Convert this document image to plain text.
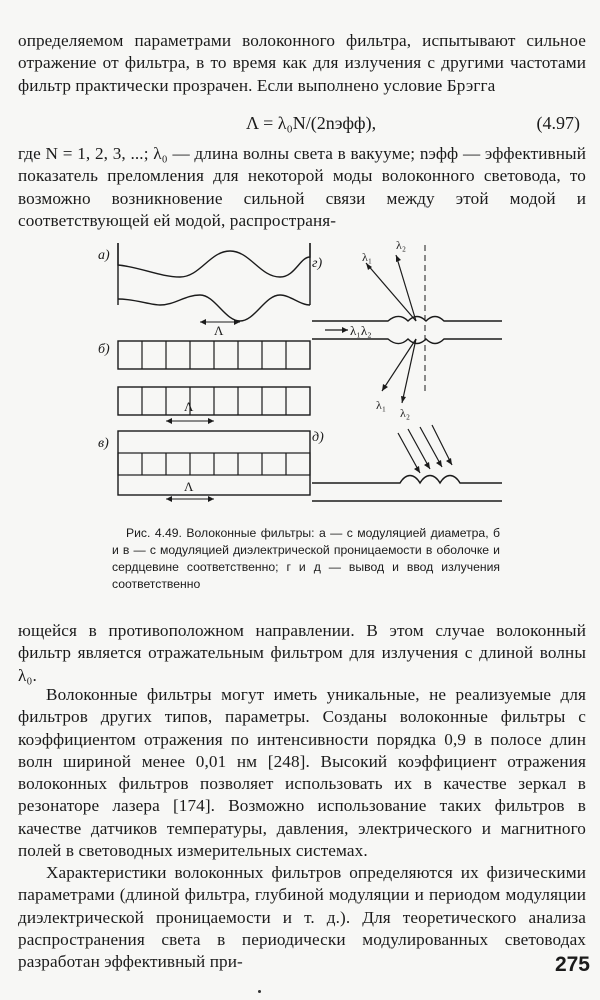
определяемом параметрами волоконного фильтра, испытывают сильное отражение от фильтра, в то время как для излучения с другими частотами фильтр практически прозрачен. Если выполнено условие Брэгга
Λ = λ₀N/(2nэфф),	(4.97)
где N = 1, 2, 3, ...; λ₀ — длина волны света в вакууме; nэфф — эффективный показатель преломления для некоторой моды волоконного световода, то возможно возникновение сильной связи между этой модой и соответствующей ей модой, распространя-
а)
Λ
б)
Λ
в)
Λ
г)
λ₁λ₂
λ₁
λ₂
λ₁
λ₂
д)
Рис. 4.49. Волоконные фильтры: а — с модуляцией диаметра, б и в — с модуляцией диэлектрической проницаемости в оболочке и сердцевине соответственно; г и д — вывод и ввод излучения соответственно
ющейся в противоположном направлении. В этом случае волоконный фильтр является отражательным фильтром для излучения с длиной волны λ₀.
Волоконные фильтры могут иметь уникальные, не реализуемые для фильтров других типов, параметры. Созданы волоконные фильтры с коэффициентом отражения по интенсивности порядка 0,9 в полосе длин волн шириной менее 0,01 нм [248]. Высокий коэффициент отражения волоконных фильтров позволяет использовать их в качестве зеркал в резонаторе лазера [174]. Возможно использование таких фильтров в качестве датчиков температуры, давления, электрического и магнитного полей в световодных измерительных системах.
Характеристики волоконных фильтров определяются их физическими параметрами (длиной фильтра, глубиной модуляции и периодом модуляции диэлектрической проницаемости и т. д.). Для теоретического анализа распространения света в периодически модулированных световодах разработан эффективный при-	275
